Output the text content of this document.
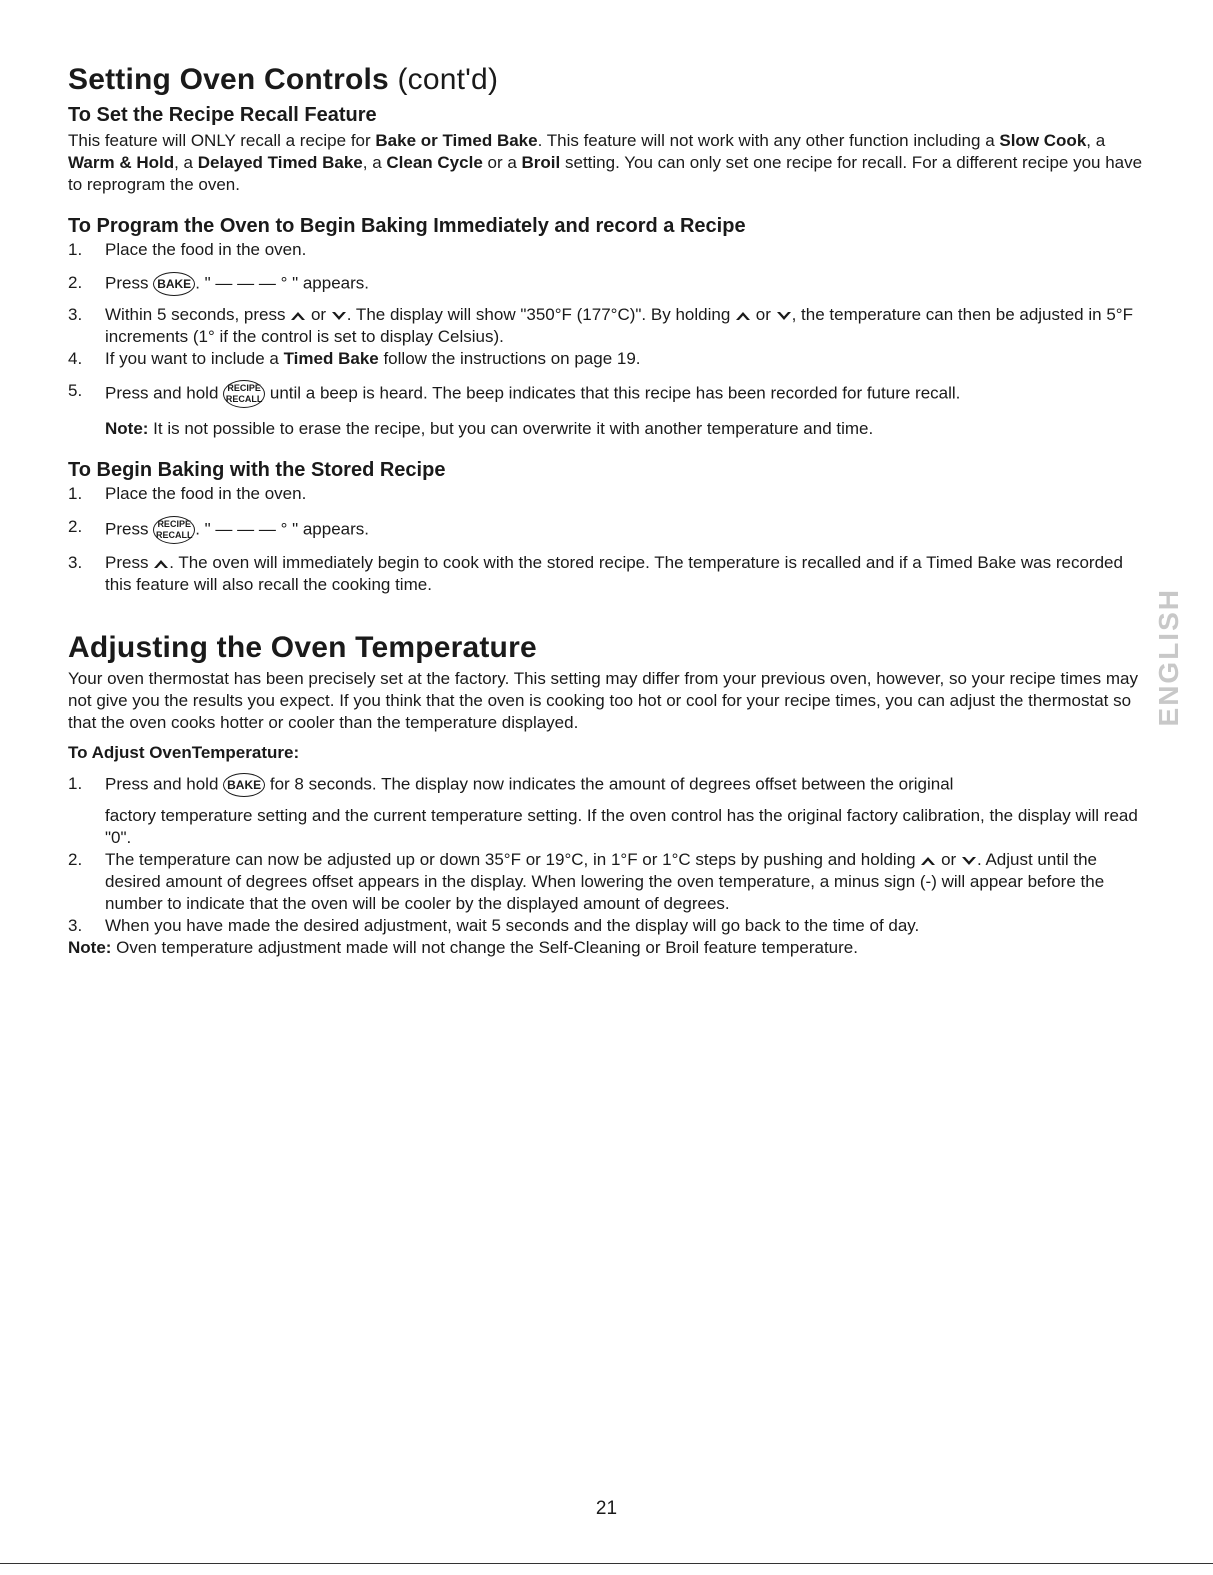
Setting Oven Controls (cont'd)
To Set the Recipe Recall Feature

This feature will ONLY recall a recipe for Bake or Timed Bake. This feature will not work with any other function including a Slow Cook, a Warm & Hold, a Delayed Timed Bake, a Clean Cycle or a Broil setting. You can only set one recipe for recall. For a different recipe you have to reprogram the oven.

To Program the Oven to Begin Baking Immediately and record a Recipe
1. Place the food in the oven.
2. Press BAKE . " — — — ° " appears.
3. Within 5 seconds, press or . The display will show "350°F (177°C)". By holding or , the temperature can then be adjusted in 5°F increments (1° if the control is set to display Celsius).
4. If you want to include a Timed Bake follow the instructions on page 19.
5. Press and hold RECIPE
RECALL until a beep is heard. The beep indicates that this recipe has been recorded for future recall.

Note: It is not possible to erase the recipe, but you can overwrite it with another temperature and time.

To Begin Baking with the Stored Recipe
1. Place the food in the oven.
2. Press RECIPE
RECALL . " — — — ° " appears.
3. Press . The oven will immediately begin to cook with the stored recipe. The temperature is recalled and if a Timed Bake was recorded this feature will also recall the cooking time.
Adjusting the Oven Temperature

Your oven thermostat has been precisely set at the factory. This setting may differ from your previous oven, however, so your recipe times may not give you the results you expect. If you think that the oven is cooking too hot or cool for your recipe times, you can adjust the thermostat so that the oven cooks hotter or cooler than the temperature displayed.

To Adjust OvenTemperature:

1. Press and hold BAKE for 8 seconds. The display now indicates the amount of degrees offset between the original
factory temperature setting and the current temperature setting. If the oven control has the original factory calibration, the display will read "0".
2. The temperature can now be adjusted up or down 35°F or 19°C, in 1°F or 1°C steps by pushing and holding or . Adjust until the desired amount of degrees offset appears in the display. When lowering the oven temperature, a minus sign (-) will appear before the number to indicate that the oven will be cooler by the displayed amount of degrees.
3. When you have made the desired adjustment, wait 5 seconds and the display will go back to the time of day.

Note: Oven temperature adjustment made will not change the Self-Cleaning or Broil feature temperature.

ENGLISH
21
